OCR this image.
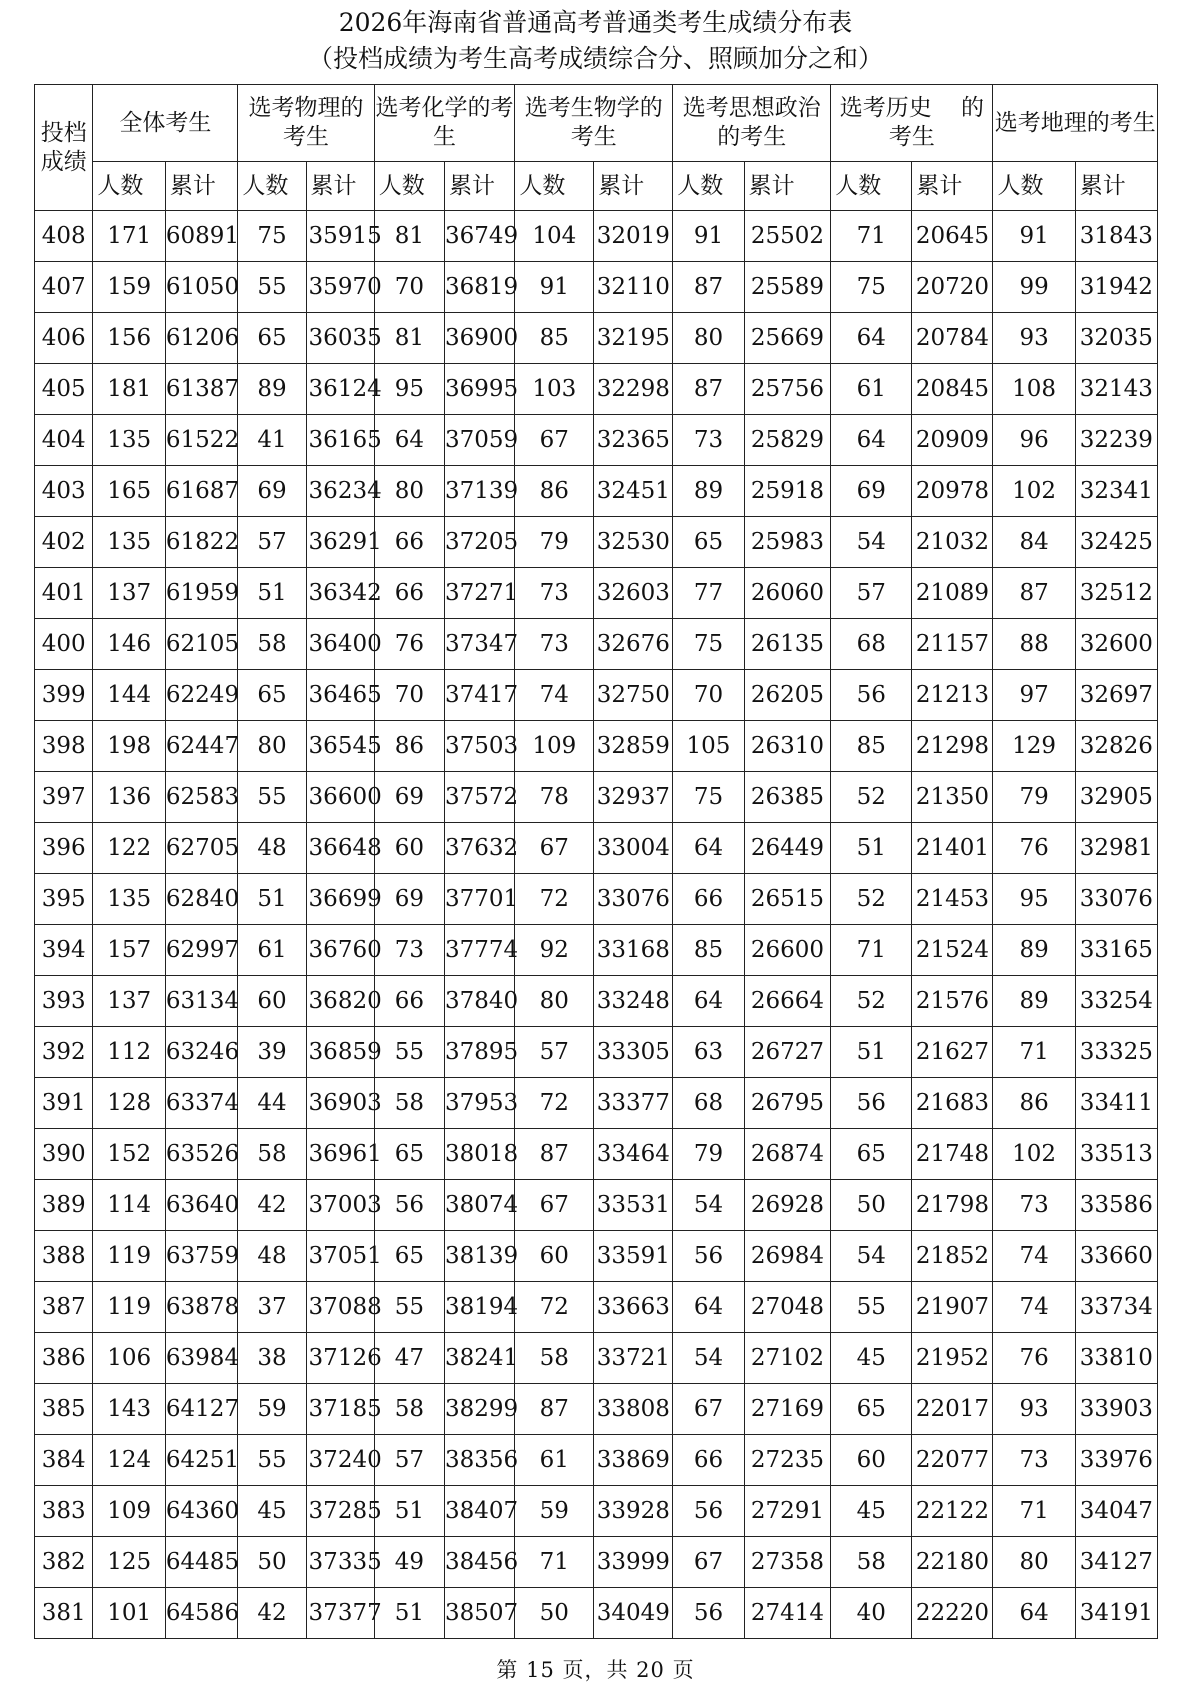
2026年海南省普通高考普通类考生成绩分布表
（投档成绩为考生高考成绩综合分、照顾加分之和）
投档成绩	全体考生		选考物理的考生		选考化学的考生		选考生物学的考生		选考思想政治的考生		选考历史    的考生		选考地理的考生	
	人数	累计	人数	累计	人数	累计	人数	累计	人数	累计	人数	累计	人数	累计
408	171	60891	75	35915	81	36749	104	32019	91	25502	71	20645	91	31843
407	159	61050	55	35970	70	36819	91	32110	87	25589	75	20720	99	31942
406	156	61206	65	36035	81	36900	85	32195	80	25669	64	20784	93	32035
405	181	61387	89	36124	95	36995	103	32298	87	25756	61	20845	108	32143
404	135	61522	41	36165	64	37059	67	32365	73	25829	64	20909	96	32239
403	165	61687	69	36234	80	37139	86	32451	89	25918	69	20978	102	32341
402	135	61822	57	36291	66	37205	79	32530	65	25983	54	21032	84	32425
401	137	61959	51	36342	66	37271	73	32603	77	26060	57	21089	87	32512
400	146	62105	58	36400	76	37347	73	32676	75	26135	68	21157	88	32600
399	144	62249	65	36465	70	37417	74	32750	70	26205	56	21213	97	32697
398	198	62447	80	36545	86	37503	109	32859	105	26310	85	21298	129	32826
397	136	62583	55	36600	69	37572	78	32937	75	26385	52	21350	79	32905
396	122	62705	48	36648	60	37632	67	33004	64	26449	51	21401	76	32981
395	135	62840	51	36699	69	37701	72	33076	66	26515	52	21453	95	33076
394	157	62997	61	36760	73	37774	92	33168	85	26600	71	21524	89	33165
393	137	63134	60	36820	66	37840	80	33248	64	26664	52	21576	89	33254
392	112	63246	39	36859	55	37895	57	33305	63	26727	51	21627	71	33325
391	128	63374	44	36903	58	37953	72	33377	68	26795	56	21683	86	33411
390	152	63526	58	36961	65	38018	87	33464	79	26874	65	21748	102	33513
389	114	63640	42	37003	56	38074	67	33531	54	26928	50	21798	73	33586
388	119	63759	48	37051	65	38139	60	33591	56	26984	54	21852	74	33660
387	119	63878	37	37088	55	38194	72	33663	64	27048	55	21907	74	33734
386	106	63984	38	37126	47	38241	58	33721	54	27102	45	21952	76	33810
385	143	64127	59	37185	58	38299	87	33808	67	27169	65	22017	93	33903
384	124	64251	55	37240	57	38356	61	33869	66	27235	60	22077	73	33976
383	109	64360	45	37285	51	38407	59	33928	56	27291	45	22122	71	34047
382	125	64485	50	37335	49	38456	71	33999	67	27358	58	22180	80	34127
381	101	64586	42	37377	51	38507	50	34049	56	27414	40	22220	64	34191
第 15 页，共 20 页
